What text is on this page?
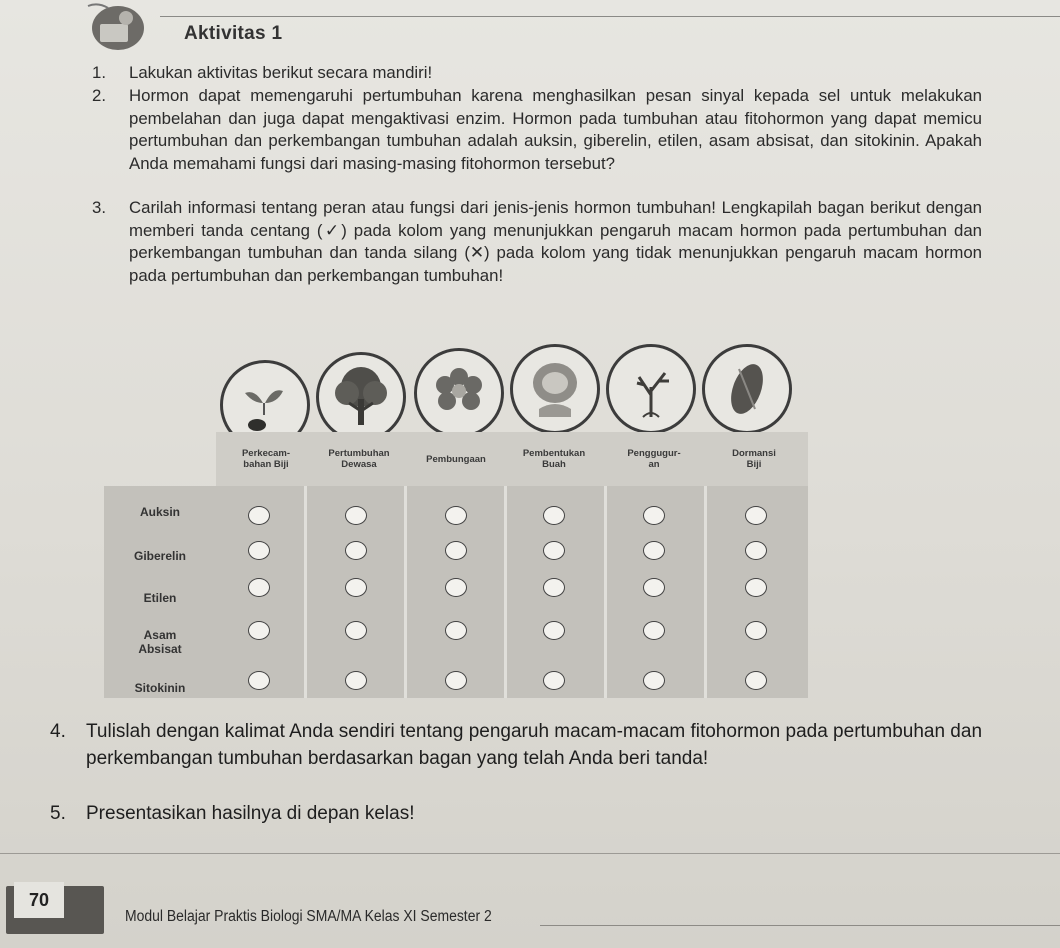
Aktivitas 1
1. Lakukan aktivitas berikut secara mandiri!
2. Hormon dapat memengaruhi pertumbuhan karena menghasilkan pesan sinyal kepada sel untuk melakukan pembelahan dan juga dapat mengaktivasi enzim. Hormon pada tumbuhan atau fitohormon yang dapat memicu pertumbuhan dan perkembangan tumbuhan adalah auksin, giberelin, etilen, asam absisat, dan sitokinin. Apakah Anda memahami fungsi dari masing-masing fitohormon tersebut?
3. Carilah informasi tentang peran atau fungsi dari jenis-jenis hormon tumbuhan! Lengkapilah bagan berikut dengan memberi tanda centang (✓) pada kolom yang menunjukkan pengaruh macam hormon pada pertumbuhan dan perkembangan tumbuhan dan tanda silang (✕) pada kolom yang tidak menunjukkan pengaruh macam hormon pada pertumbuhan dan perkembangan tumbuhan!
Perkecam-
bahan Biji
Pertumbuhan
Dewasa	Pembungaan	Pembentukan
Buah
Penggugur-
an
Dormansi
Biji
Auksin
Giberelin
Etilen
Asam
Absisat
Sitokinin
4. Tulislah dengan kalimat Anda sendiri tentang pengaruh macam-macam fitohormon pada pertumbuhan dan perkembangan tumbuhan berdasarkan bagan yang telah Anda beri tanda!
5. Presentasikan hasilnya di depan kelas!
70
Modul Belajar Praktis Biologi SMA/MA Kelas XI Semester 2
